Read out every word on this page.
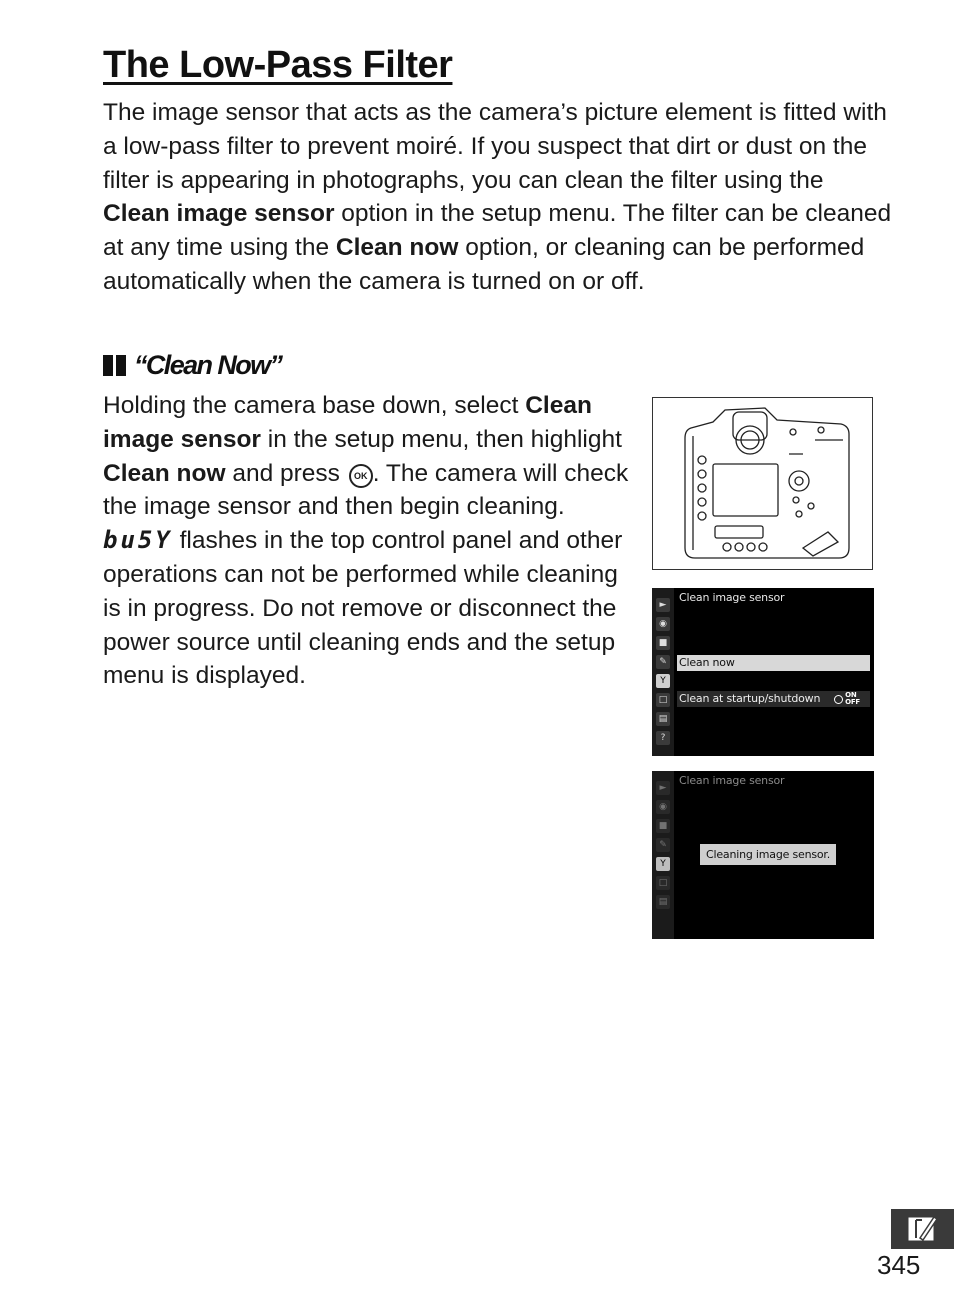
The Low-Pass Filter

The image sensor that acts as the camera’s picture element is fitted with a low-pass filter to prevent moiré. If you suspect that dirt or dust on the filter is appearing in photographs, you can clean the filter using the Clean image sensor option in the setup menu. The filter can be cleaned at any time using the Clean now option, or cleaning can be performed automatically when the camera is turned on or off.

“Clean Now”

Holding the camera base down, select Clean image sensor in the setup menu, then highlight Clean now and press OK . The camera will check the image sensor and then begin cleaning. bu5Y flashes in the top control panel and other operations can not be performed while cleaning is in progress. Do not remove or disconnect the power source until cleaning ends and the setup menu is displayed.

►
◉
■
✎
Y
□
▤
?
Clean image sensor
Clean now
Clean at startup/shutdown	ON
OFF
►
◉
■
✎
Y
□
▤
Clean image sensor
Cleaning image sensor.
345
